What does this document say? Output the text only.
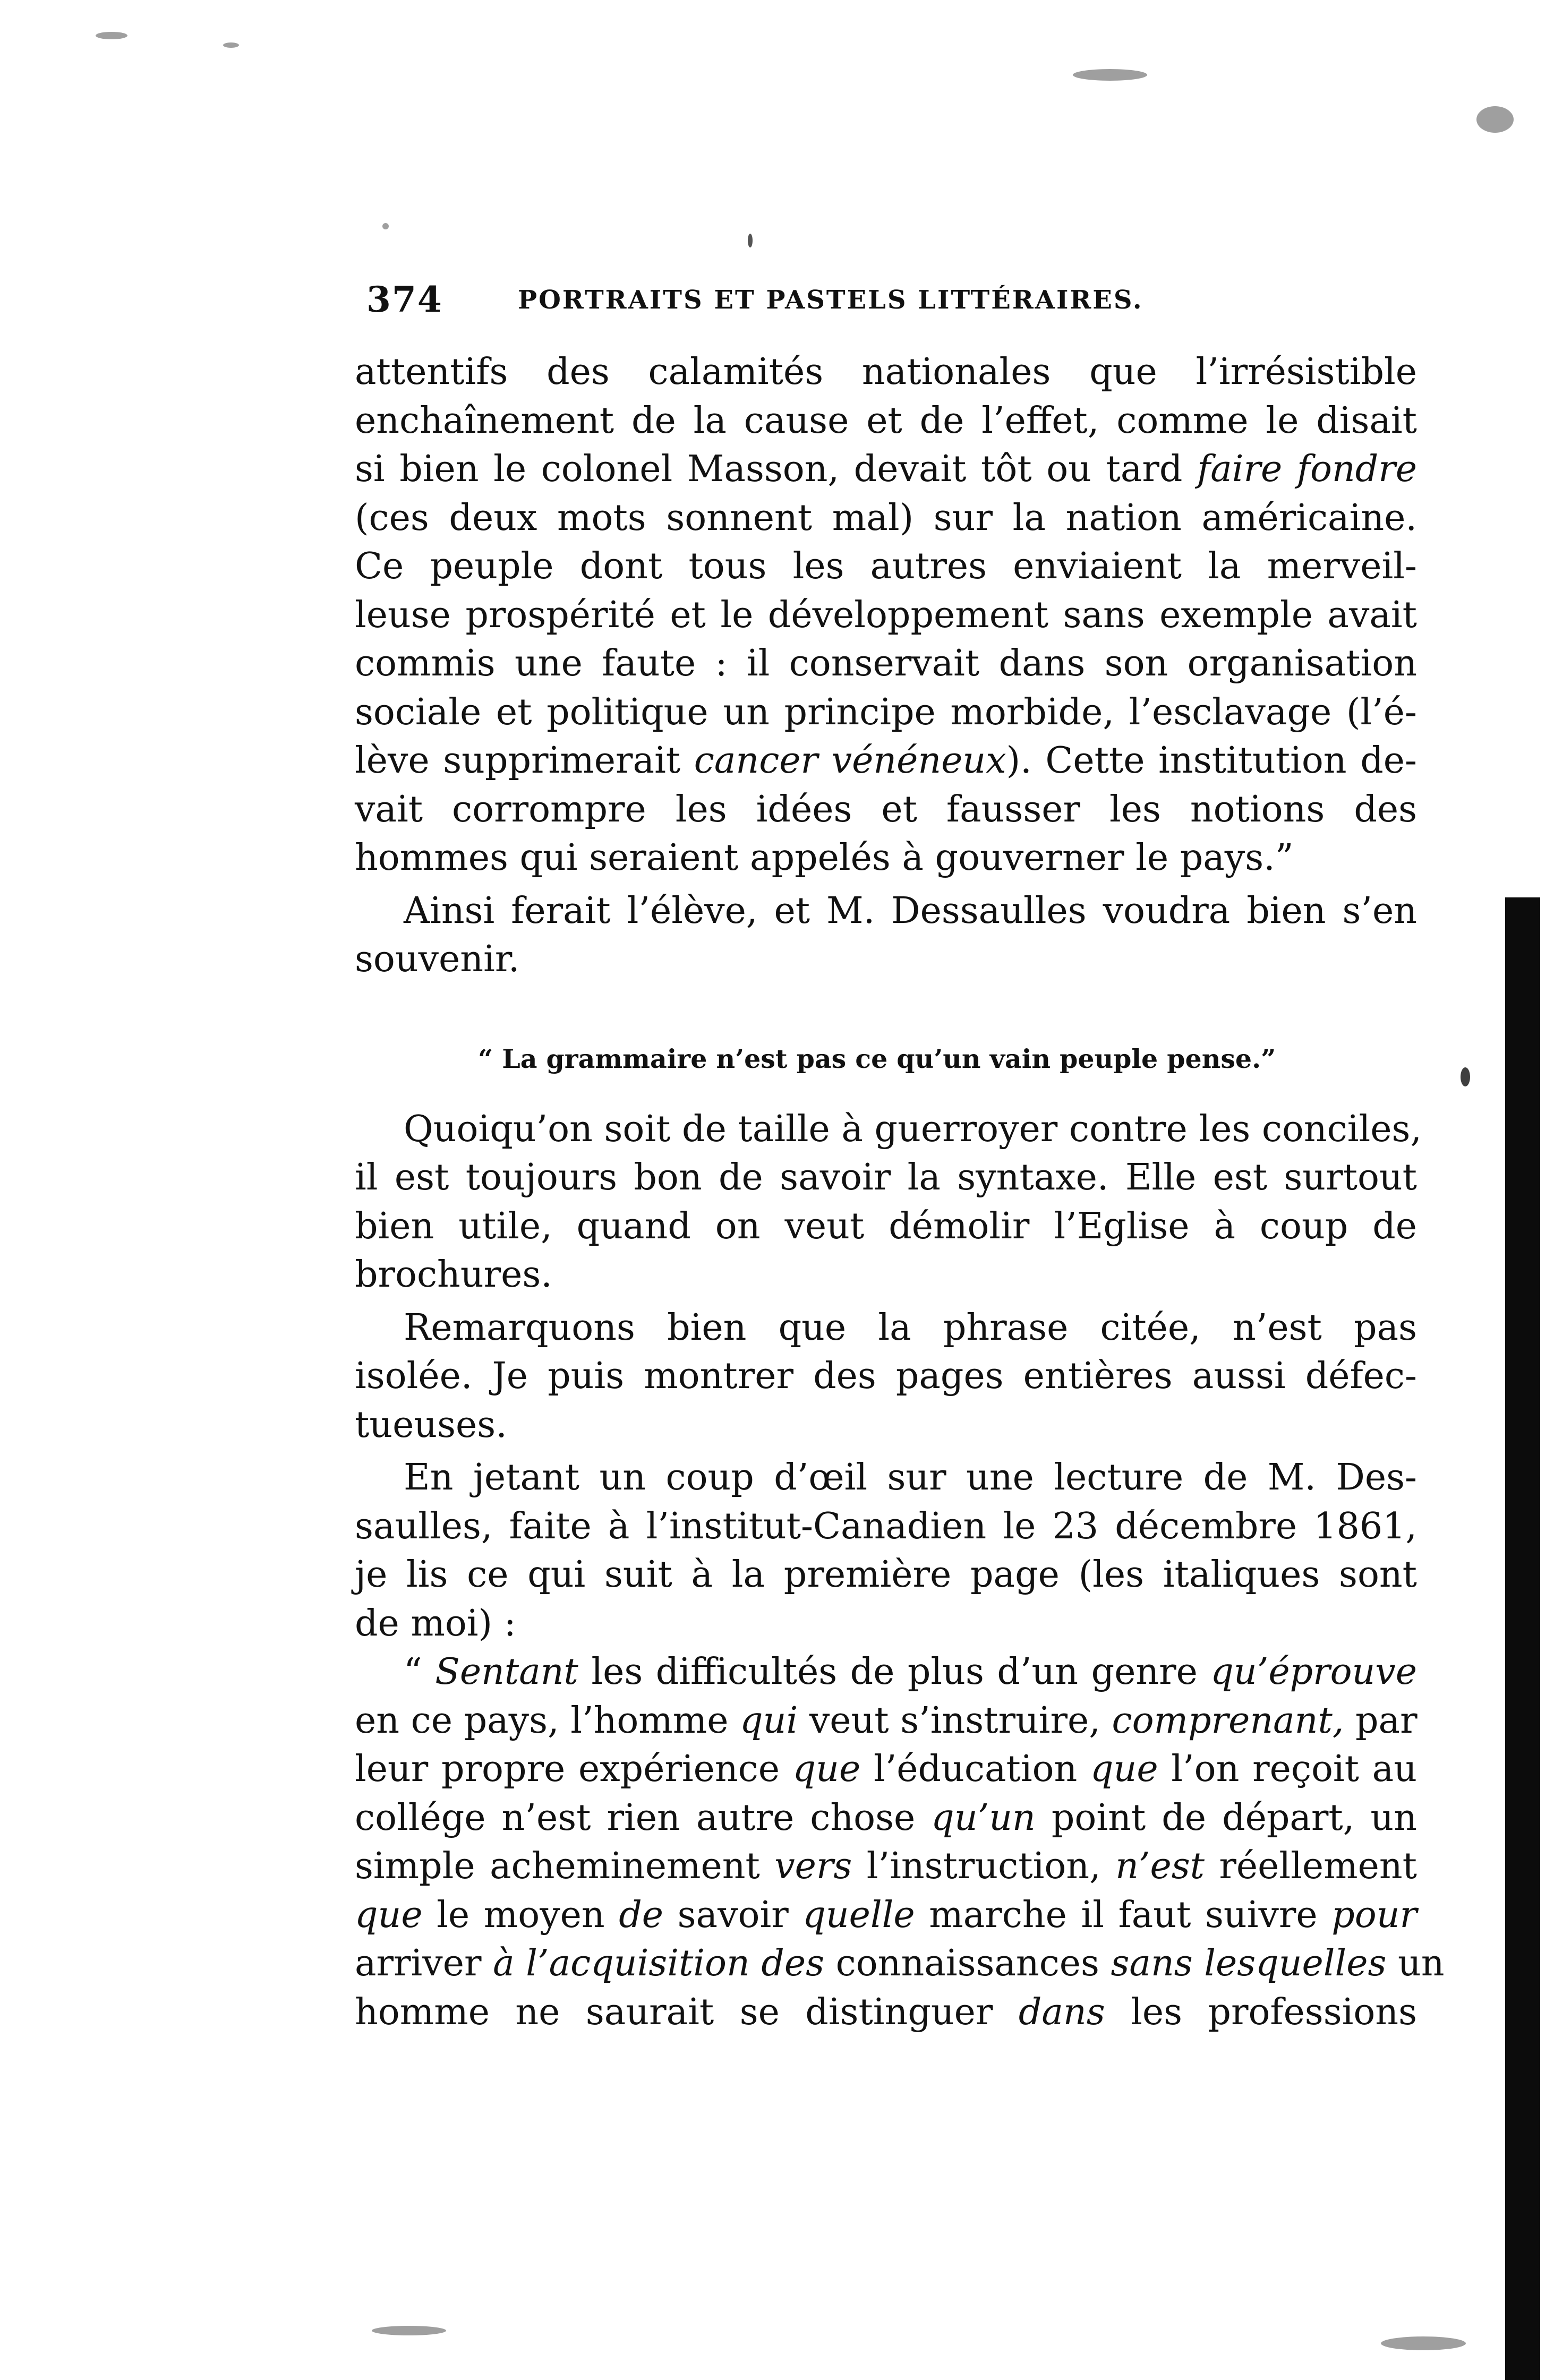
374	PORTRAITS ET PASTELS LITTÉRAIRES.
attentifs des calamités nationales que l’irrésistible
enchaînement de la cause et de l’effet, comme le disait
si bien le colonel Masson, devait tôt ou tard faire fondre
(ces deux mots sonnent mal) sur la nation américaine.
Ce peuple dont tous les autres enviaient la merveil-
leuse prospérité et le développement sans exemple avait
commis une faute : il conservait dans son organisation
sociale et politique un principe morbide, l’esclavage (l’é-
lève supprimerait cancer vénéneux). Cette institution de-
vait corrompre les idées et fausser les notions des
hommes qui seraient appelés à gouverner le pays.”
Ainsi ferait l’élève, et M. Dessaulles voudra bien s’en
souvenir.
Quoiqu’on soit de taille à guerroyer contre les conciles,
il est toujours bon de savoir la syntaxe. Elle est surtout
bien utile, quand on veut démolir l’Eglise à coup de
brochures.
Remarquons bien que la phrase citée, n’est pas
isolée. Je puis montrer des pages entières aussi défec-
tueuses.
En jetant un coup d’œil sur une lecture de M. Des-
saulles, faite à l’institut-Canadien le 23 décembre 1861,
je lis ce qui suit à la première page (les italiques sont
de moi) :
“ Sentant les difficultés de plus d’un genre qu’éprouve
en ce pays, l’homme qui veut s’instruire, comprenant, par
leur propre expérience que l’éducation que l’on reçoit au
collége n’est rien autre chose qu’un point de départ, un
simple acheminement vers l’instruction, n’est réellement
que le moyen de savoir quelle marche il faut suivre pour
arriver à l’acquisition des connaissances sans lesquelles un
homme ne saurait se distinguer dans les professions
“ La grammaire n’est pas ce qu’un vain peuple pense.”
